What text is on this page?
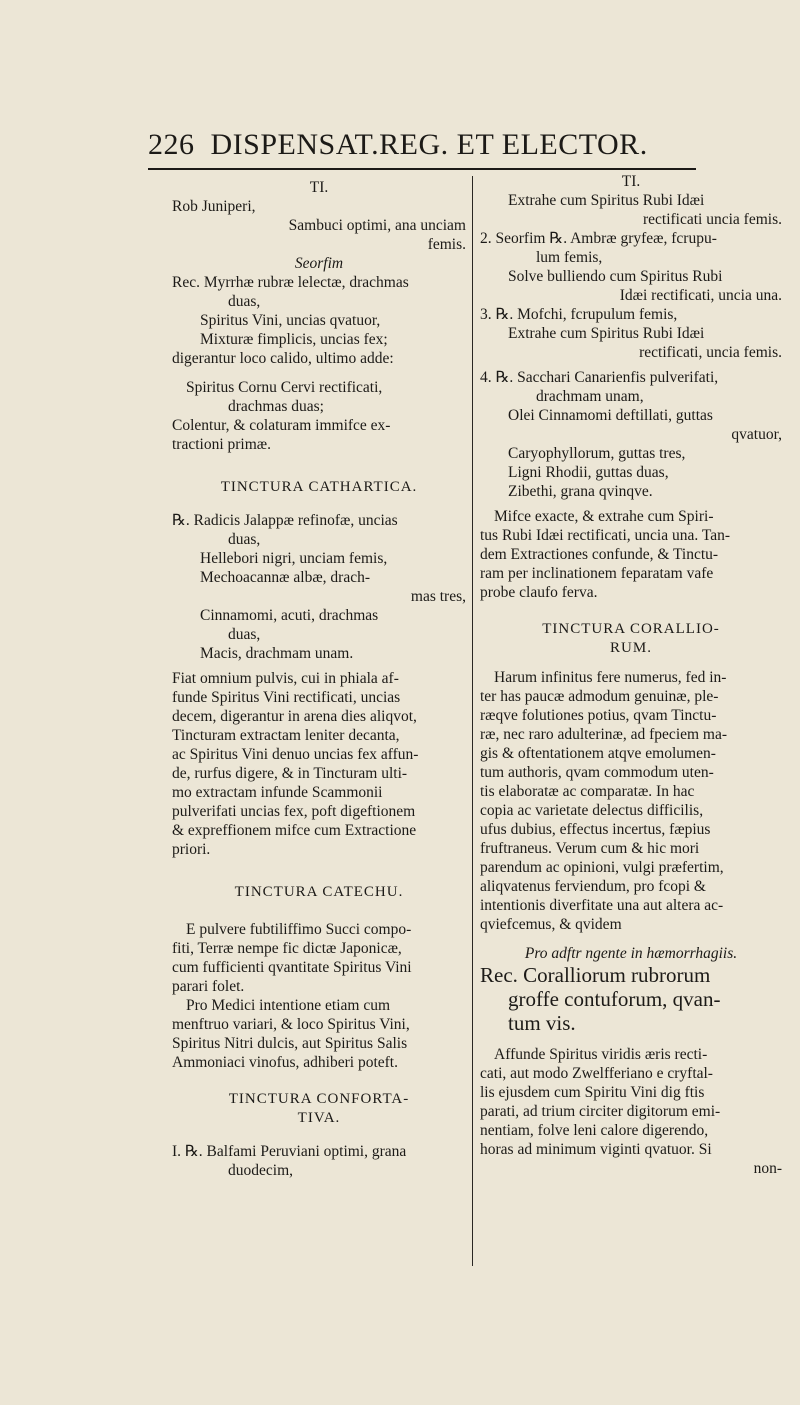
226 DISPENSAT.REG. ET ELECTOR.

TI.

Rob Juniperi,

Sambuci optimi, ana unciam

femis.

Seorfim

Rec. Myrrhæ rubræ lelectæ, drachmas

duas,

Spiritus Vini, uncias qvatuor,

Mixturæ fimplicis, uncias fex;

digerantur loco calido, ultimo adde:

Spiritus Cornu Cervi rectificati,

drachmas duas;

Colentur, & colaturam immifce ex-

tractioni primæ.

TINCTURA CATHARTICA.

℞. Radicis Jalappæ refinofæ, uncias

duas,

Hellebori nigri, unciam femis,

Mechoacannæ albæ, drach-

mas tres,

Cinnamomi, acuti, drachmas

duas,

Macis, drachmam unam.

Fiat omnium pulvis, cui in phiala af-

funde Spiritus Vini rectificati, uncias

decem, digerantur in arena dies aliqvot,

Tincturam extractam leniter decanta,

ac Spiritus Vini denuo uncias fex affun-

de, rurfus digere, & in Tincturam ulti-

mo extractam infunde Scammonii

pulverifati uncias fex, poft digeftionem

& expreffionem mifce cum Extractione

priori.

TINCTURA CATECHU.

E pulvere fubtiliffimo Succi compo-

fiti, Terræ nempe fic dictæ Japonicæ,

cum fufficienti qvantitate Spiritus Vini

parari folet.

Pro Medici intentione etiam cum

menftruo variari, & loco Spiritus Vini,

Spiritus Nitri dulcis, aut Spiritus Salis

Ammoniaci vinofus, adhiberi poteft.

TINCTURA CONFORTA-

TIVA.

I. ℞. Balfami Peruviani optimi, grana

duodecim,

TI.

Extrahe cum Spiritus Rubi Idæi

rectificati uncia femis.

2. Seorfim ℞. Ambræ gryfeæ, fcrupu-

lum femis,

Solve bulliendo cum Spiritus Rubi

Idæi rectificati, uncia una.

3. ℞. Mofchi, fcrupulum femis,

Extrahe cum Spiritus Rubi Idæi

rectificati, uncia femis.

4. ℞. Sacchari Canarienfis pulverifati,

drachmam unam,

Olei Cinnamomi deftillati, guttas

qvatuor,

Caryophyllorum, guttas tres,

Ligni Rhodii, guttas duas,

Zibethi, grana qvinqve.

Mifce exacte, & extrahe cum Spiri-

tus Rubi Idæi rectificati, uncia una. Tan-

dem Extractiones confunde, & Tinctu-

ram per inclinationem feparatam vafe

probe claufo ferva.

TINCTURA CORALLIO-

RUM.

Harum infinitus fere numerus, fed in-

ter has paucæ admodum genuinæ, ple-

ræqve folutiones potius, qvam Tinctu-

ræ, nec raro adulterinæ, ad fpeciem ma-

gis & oftentationem atqve emolumen-

tum authoris, qvam commodum uten-

tis elaboratæ ac comparatæ. In hac

copia ac varietate delectus difficilis,

ufus dubius, effectus incertus, fæpius

fruftraneus. Verum cum & hic mori

parendum ac opinioni, vulgi præfertim,

aliqvatenus ferviendum, pro fcopi &

intentionis diverfitate una aut altera ac-

qviefcemus, & qvidem

Pro adftr ngente in hæmorrhagiis.

Rec. Coralliorum rubrorum

groffe contuforum, qvan-

tum vis.

Affunde Spiritus viridis æris recti-

cati, aut modo Zwelfferiano e cryftal-

lis ejusdem cum Spiritu Vini dig ftis

parati, ad trium circiter digitorum emi-

nentiam, folve leni calore digerendo,

horas ad minimum viginti qvatuor. Si

non-
